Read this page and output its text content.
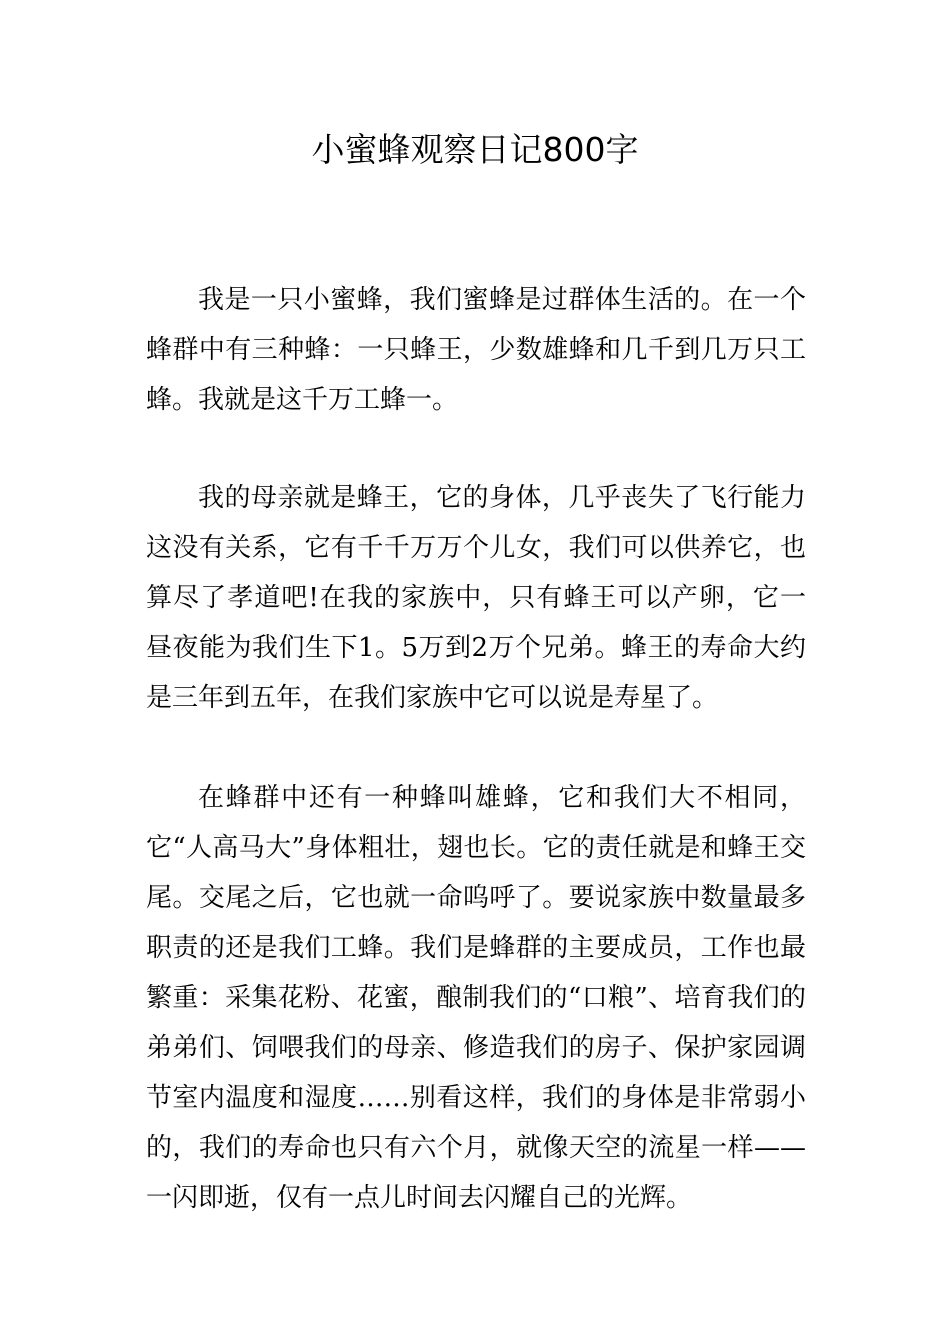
小蜜蜂观察日记800字

我是一只小蜜蜂，我们蜜蜂是过群体生活的。在一个蜂群中有三种蜂：一只蜂王，少数雄蜂和几千到几万只工蜂。我就是这千万工蜂一。

我的母亲就是蜂王，它的身体，几乎丧失了飞行能力这没有关系，它有千千万万个儿女，我们可以供养它，也算尽了孝道吧!在我的家族中，只有蜂王可以产卵，它一昼夜能为我们生下1。5万到2万个兄弟。蜂王的寿命大约是三年到五年，在我们家族中它可以说是寿星了。

在蜂群中还有一种蜂叫雄蜂，它和我们大不相同，它“人高马大”身体粗壮，翅也长。它的责任就是和蜂王交尾。交尾之后，它也就一命呜呼了。要说家族中数量最多职责的还是我们工蜂。我们是蜂群的主要成员，工作也最繁重：采集花粉、花蜜，酿制我们的“口粮”、培育我们的弟弟们、饲喂我们的母亲、修造我们的房子、保护家园调节室内温度和湿度……别看这样，我们的身体是非常弱小的，我们的寿命也只有六个月，就像天空的流星一样——一闪即逝，仅有一点儿时间去闪耀自己的光辉。
